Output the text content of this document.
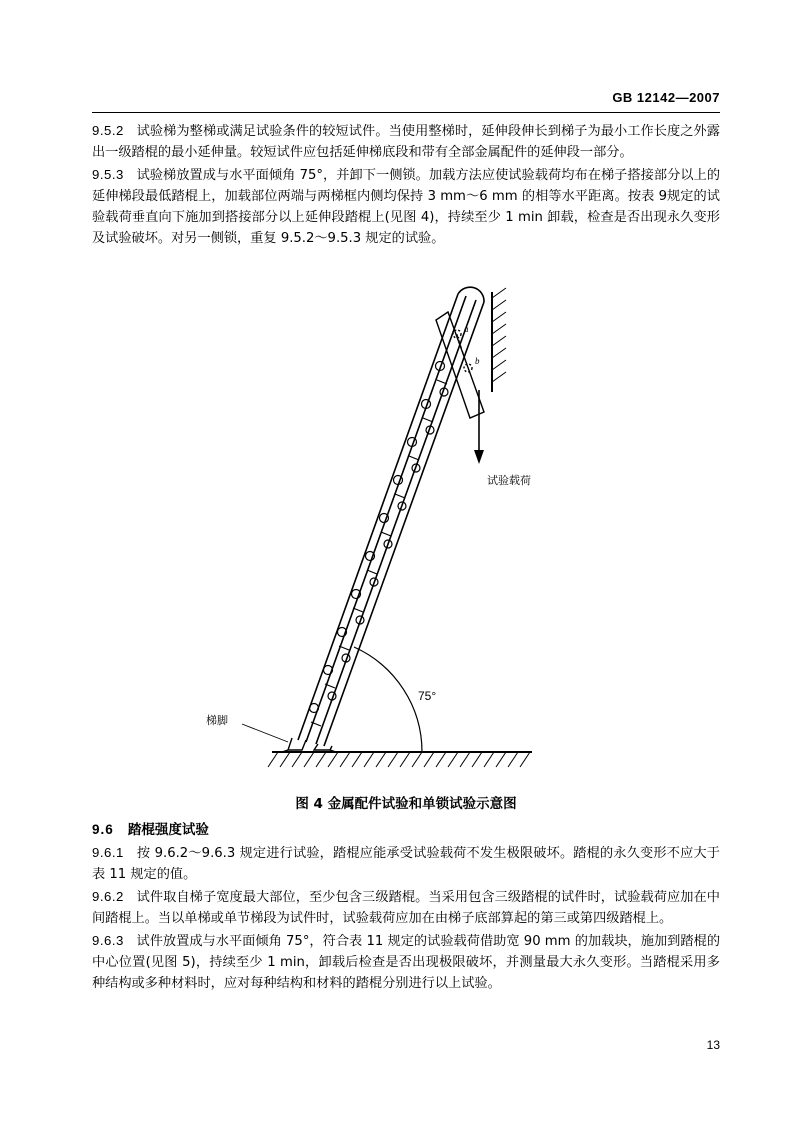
GB 12142—2007

9.5.2 试验梯为整梯或满足试验条件的较短试件。当使用整梯时，延伸段伸长到梯子为最小工作长度之外露出一级踏棍的最小延伸量。较短试件应包括延伸梯底段和带有全部金属配件的延伸段一部分。

9.5.3 试验梯放置成与水平面倾角 75°，并卸下一侧锁。加载方法应使试验载荷均布在梯子搭接部分以上的延伸梯段最低踏棍上，加载部位两端与两梯框内侧均保持 3 mm～6 mm 的相等水平距离。按表 9规定的试验载荷垂直向下施加到搭接部分以上延伸段踏棍上(见图 4)，持续至少 1 min 卸载，检查是否出现永久变形及试验破坏。对另一侧锁，重复 9.5.2～9.5.3 规定的试验。

a
b
试验载荷
75°
梯脚
图 4 金属配件试验和单锁试验示意图

9.6 踏棍强度试验

9.6.1 按 9.6.2～9.6.3 规定进行试验，踏棍应能承受试验载荷不发生极限破坏。踏棍的永久变形不应大于表 11 规定的值。

9.6.2 试件取自梯子宽度最大部位，至少包含三级踏棍。当采用包含三级踏棍的试件时，试验载荷应加在中间踏棍上。当以单梯或单节梯段为试件时，试验载荷应加在由梯子底部算起的第三或第四级踏棍上。

9.6.3 试件放置成与水平面倾角 75°，符合表 11 规定的试验载荷借助宽 90 mm 的加载块，施加到踏棍的中心位置(见图 5)，持续至少 1 min，卸载后检查是否出现极限破坏，并测量最大永久变形。当踏棍采用多种结构或多种材料时，应对每种结构和材料的踏棍分别进行以上试验。

13
